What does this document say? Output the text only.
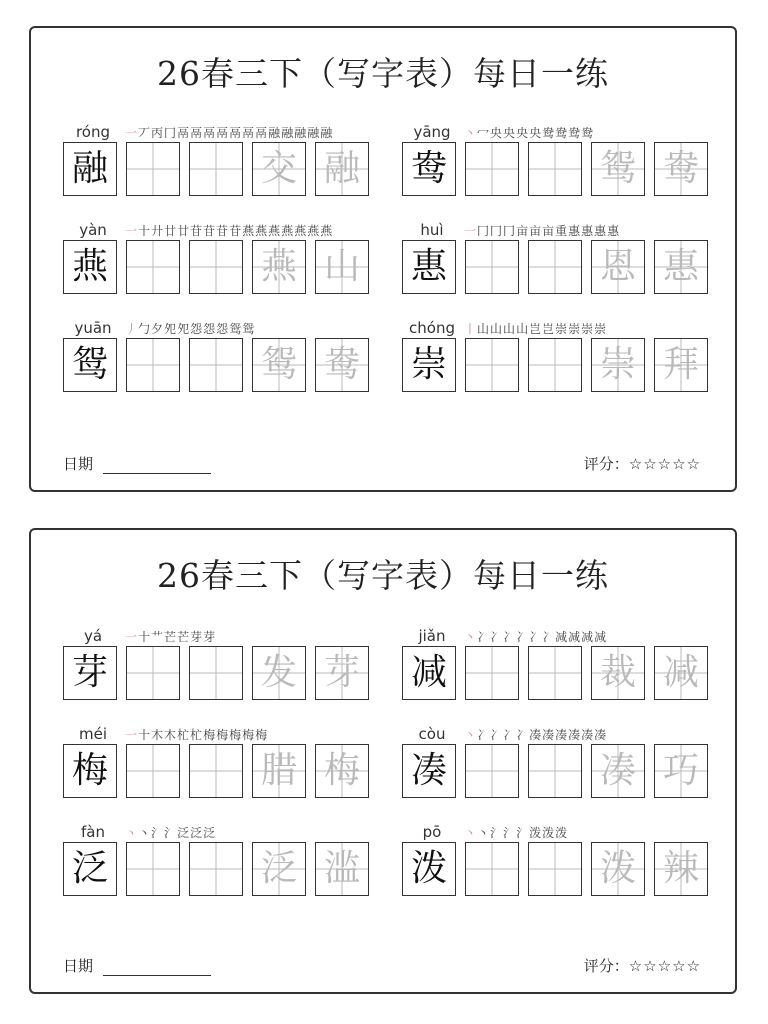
26春三下（写字表）每日一练
róng	一丆丙冂鬲鬲鬲鬲鬲鬲鬲融融融融融
融	交 融
yāng	丶冖央央央央鸯鸯鸯鸯
鸯	鸳 鸯
yàn	一十廾廿廿苷苷苷苷燕燕燕燕燕燕燕
燕	燕 山
huì	一冂冂冂亩亩亩重惠惠惠惠
惠	恩 惠
yuān	丿勹夕夗夗怨怨怨鸳鸳
鸳	鸳 鸯
chóng 丨山山山山岂岂崇崇崇崇
崇	崇 拜
日期	评分：☆☆☆☆☆
26春三下（写字表）每日一练
yá	一十艹芒芒芽芽
芽	发 芽
jiǎn	丶冫冫冫冫冫冫减减减减
减	裁 减
méi	一十木木杧杧梅梅梅梅梅
梅	腊 梅
còu	丶冫冫冫冫凑凑凑凑凑凑
凑	凑 巧
fàn	丶丶氵氵泛泛泛
泛	泛 滥
pō	丶丶氵氵氵泼泼泼
泼	泼 辣
日期	评分：☆☆☆☆☆
